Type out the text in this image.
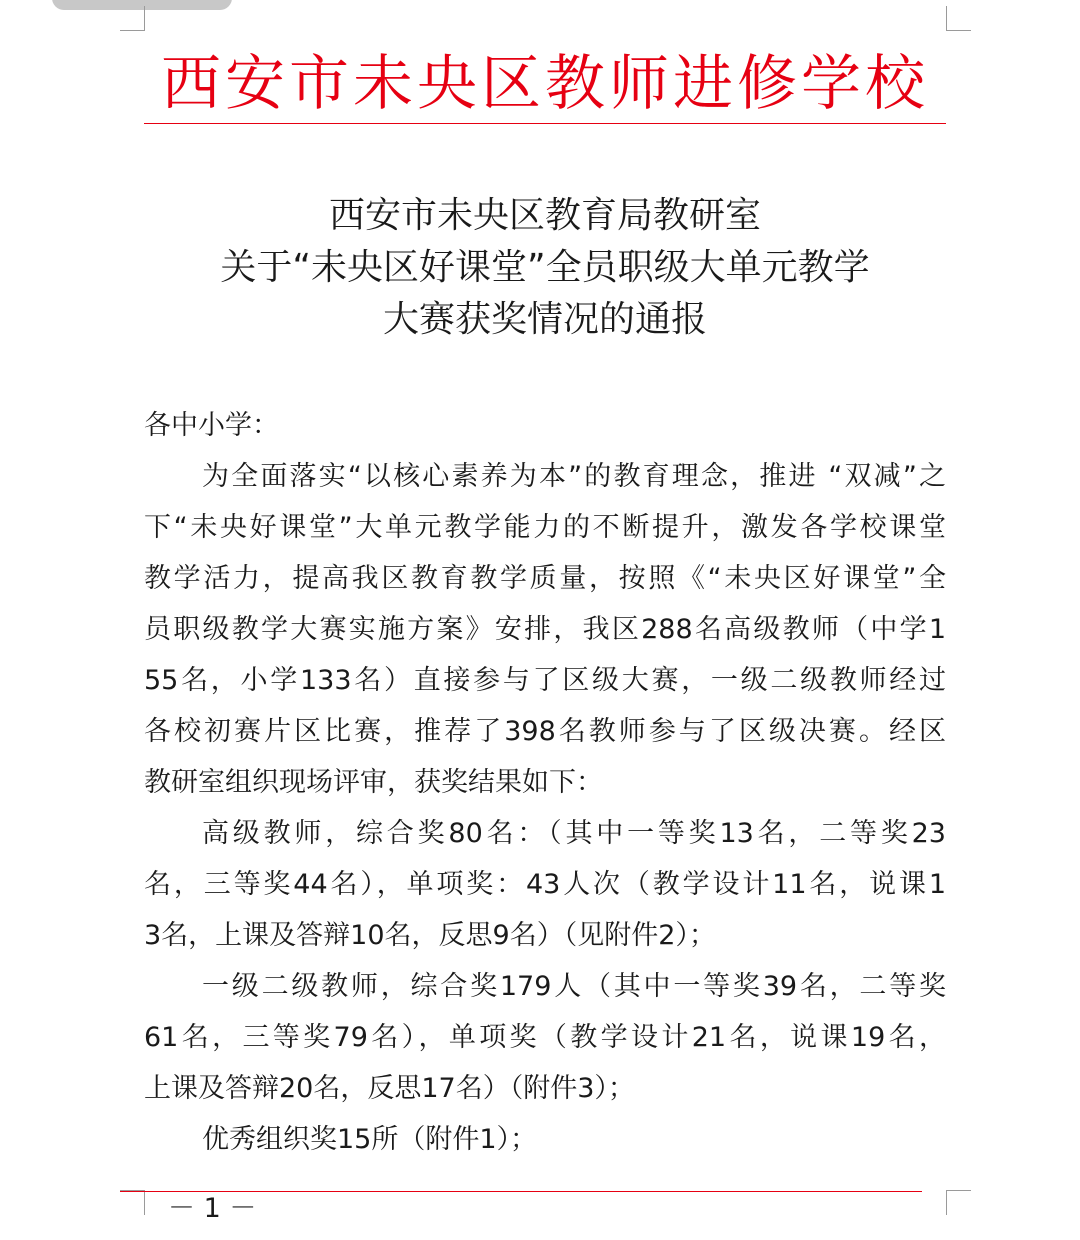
西安市未央区教师进修学校
西安市未央区教育局教研室
关于“未央区好课堂”全员职级大单元教学
大赛获奖情况的通报
各中小学：
为全面落实“以核心素养为本”的教育理念，推进 “双减”之
下“未央好课堂”大单元教学能力的不断提升，激发各学校课堂
教学活力，提高我区教育教学质量，按照《“未央区好课堂”全
员职级教学大赛实施方案》安排，我区288名高级教师（中学1
55名，小学133名）直接参与了区级大赛，一级二级教师经过
各校初赛片区比赛，推荐了398名教师参与了区级决赛。经区
教研室组织现场评审，获奖结果如下：
高级教师，综合奖80名：（其中一等奖13名，二等奖23
名，三等奖44名），单项奖：43人次（教学设计11名，说课1
3名，上课及答辩10名，反思9名）（见附件2）；
一级二级教师，综合奖179人（其中一等奖39名，二等奖
61名，三等奖79名），单项奖（教学设计21名，说课19名，
上课及答辩20名，反思17名）（附件3）；
优秀组织奖15所（附件1）；
－ 1 －
